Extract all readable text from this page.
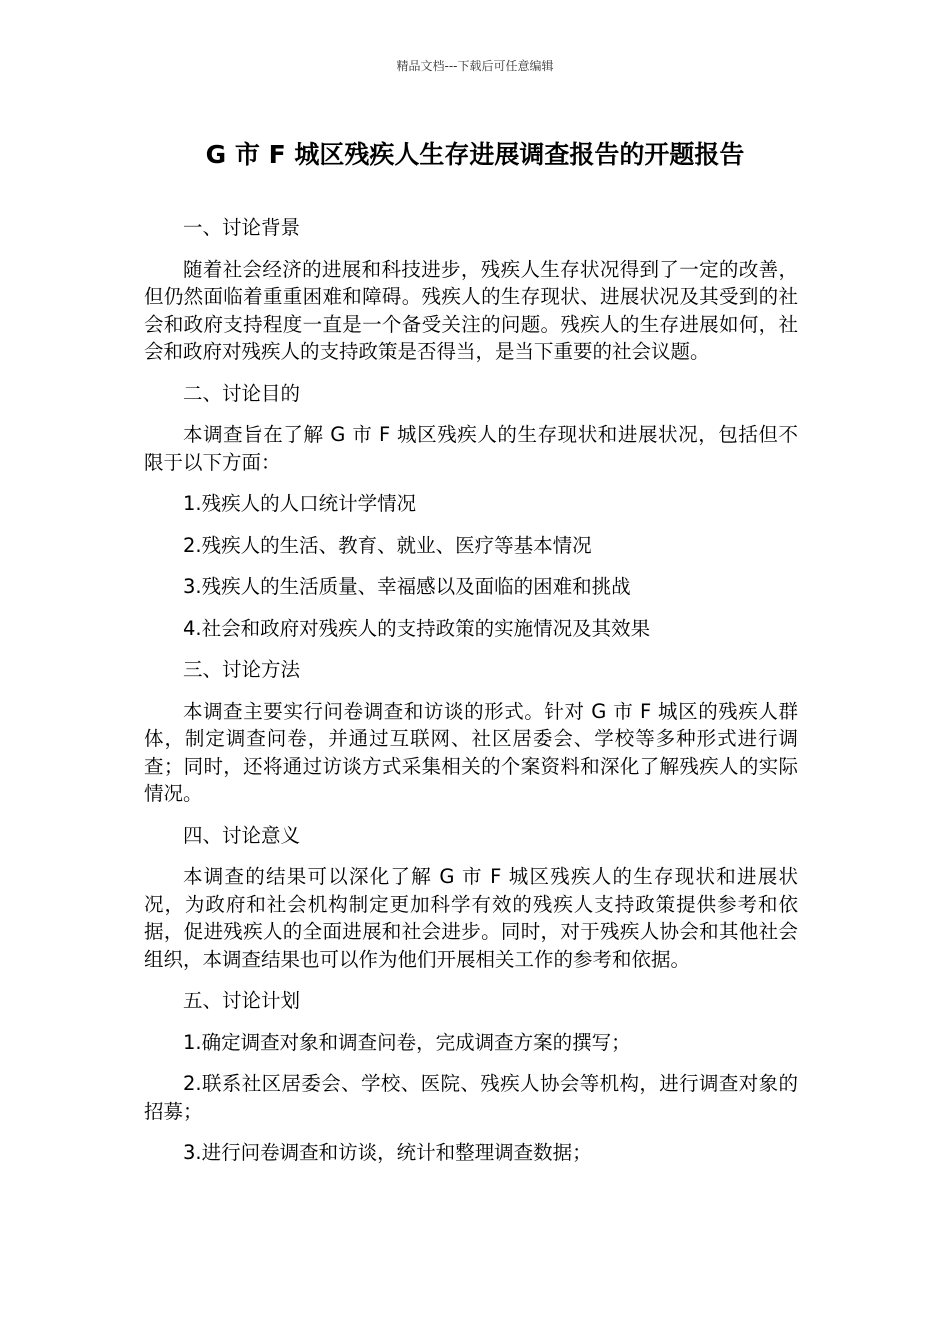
精品文档---下载后可任意编辑
G 市 F 城区残疾人生存进展调查报告的开题报告

一、讨论背景

随着社会经济的进展和科技进步，残疾人生存状况得到了一定的改善，但仍然面临着重重困难和障碍。残疾人的生存现状、进展状况及其受到的社会和政府支持程度一直是一个备受关注的问题。残疾人的生存进展如何，社会和政府对残疾人的支持政策是否得当，是当下重要的社会议题。

二、讨论目的

本调查旨在了解 G 市 F 城区残疾人的生存现状和进展状况，包括但不限于以下方面：

1.残疾人的人口统计学情况

2.残疾人的生活、教育、就业、医疗等基本情况

3.残疾人的生活质量、幸福感以及面临的困难和挑战

4.社会和政府对残疾人的支持政策的实施情况及其效果

三、讨论方法

本调查主要实行问卷调查和访谈的形式。针对 G 市 F 城区的残疾人群体，制定调查问卷，并通过互联网、社区居委会、学校等多种形式进行调查；同时，还将通过访谈方式采集相关的个案资料和深化了解残疾人的实际情况。

四、讨论意义

本调查的结果可以深化了解 G 市 F 城区残疾人的生存现状和进展状况，为政府和社会机构制定更加科学有效的残疾人支持政策提供参考和依据，促进残疾人的全面进展和社会进步。同时，对于残疾人协会和其他社会组织，本调查结果也可以作为他们开展相关工作的参考和依据。

五、讨论计划

1.确定调查对象和调查问卷，完成调查方案的撰写；

2.联系社区居委会、学校、医院、残疾人协会等机构，进行调查对象的招募；

3.进行问卷调查和访谈，统计和整理调查数据；
